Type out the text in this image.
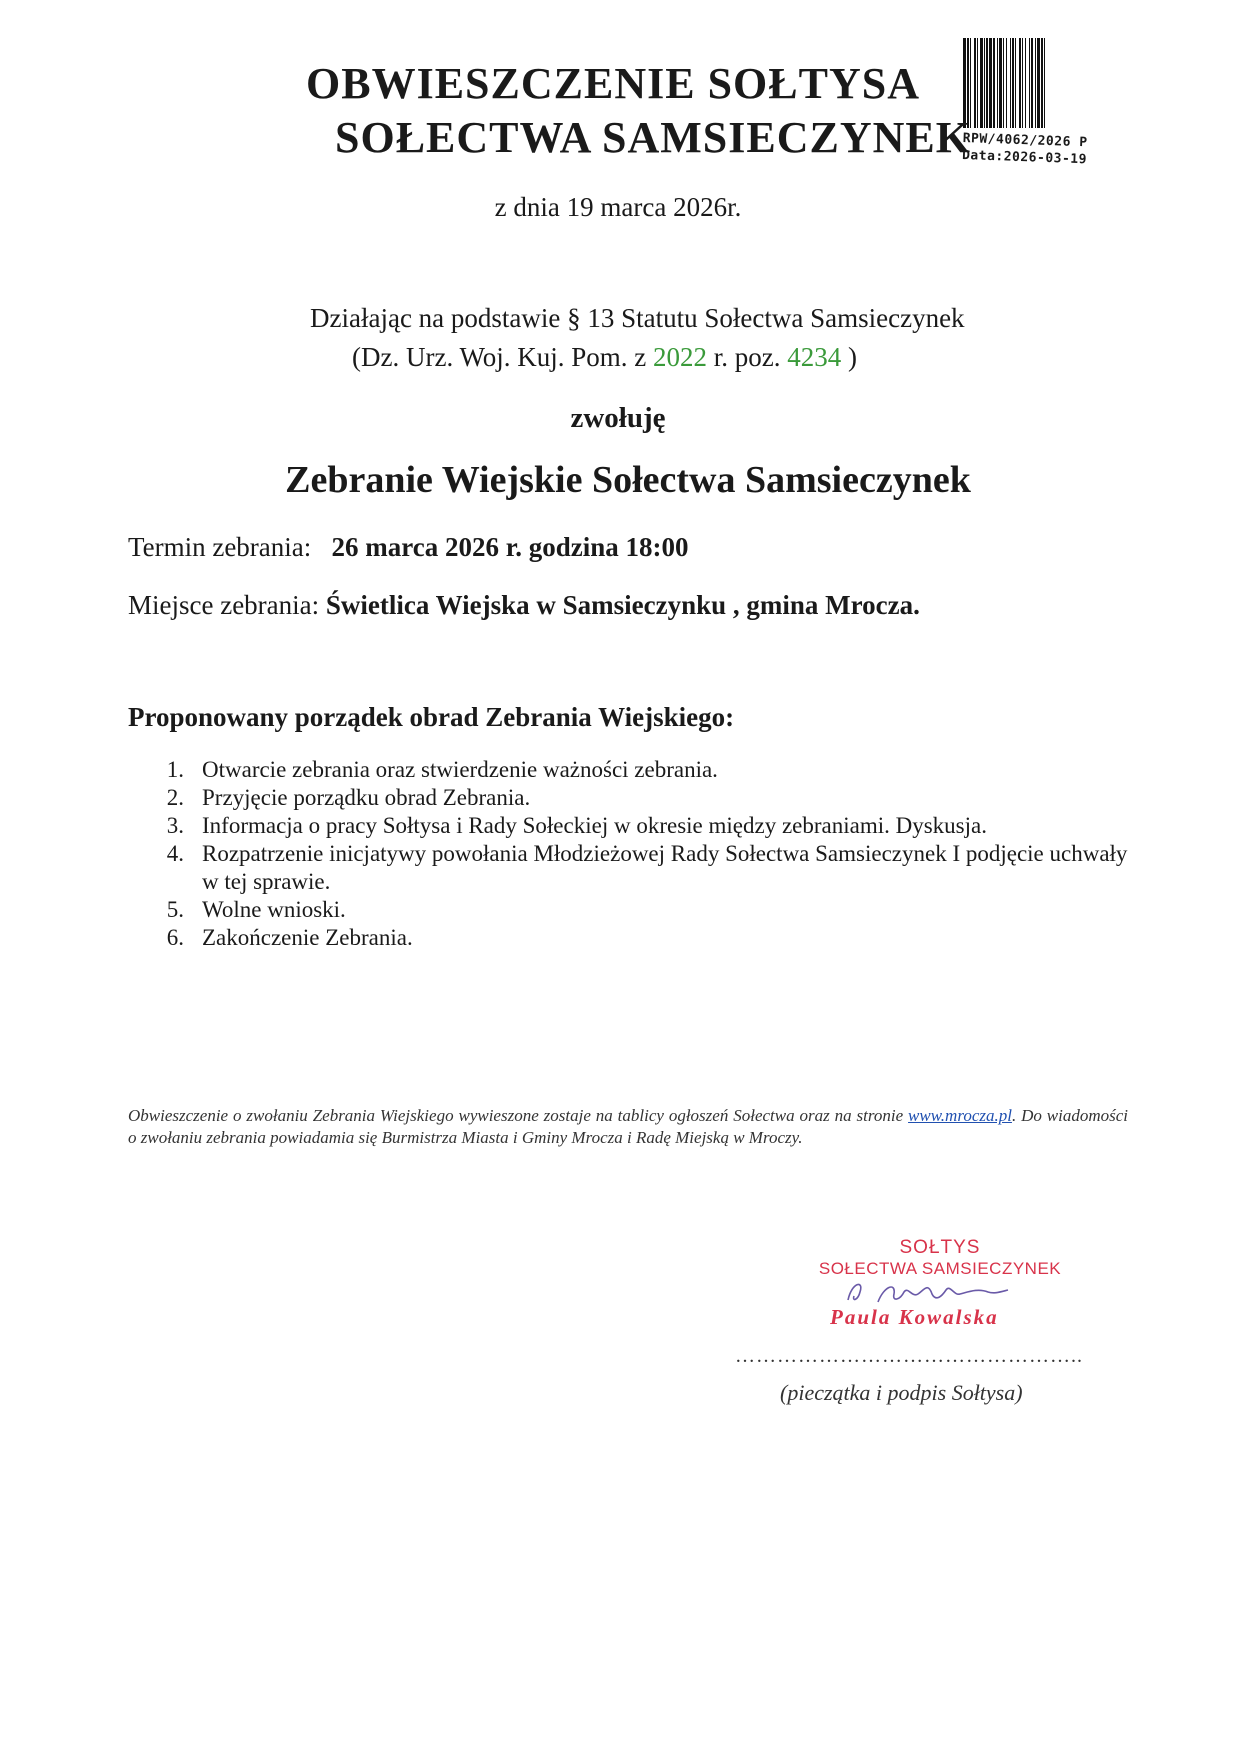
RPW/4062/2026 P
Data:2026-03-19
OBWIESZCZENIE SOŁTYSA
SOŁECTWA SAMSIECZYNEK
z dnia 19 marca 2026r.
Działając na podstawie § 13 Statutu Sołectwa Samsieczynek
(Dz. Urz. Woj. Kuj. Pom. z 2022 r. poz. 4234 )
zwołuję
Zebranie Wiejskie Sołectwa Samsieczynek
Termin zebrania: 26 marca 2026 r. godzina 18:00
Miejsce zebrania: Świetlica Wiejska w Samsieczynku , gmina Mrocza.
Proponowany porządek obrad Zebrania Wiejskiego:
1. Otwarcie zebrania oraz stwierdzenie ważności zebrania.
2. Przyjęcie porządku obrad Zebrania.
3. Informacja o pracy Sołtysa i Rady Sołeckiej w okresie między zebraniami. Dyskusja.
4. Rozpatrzenie inicjatywy powołania Młodzieżowej Rady Sołectwa Samsieczynek I podjęcie uchwały w tej sprawie.
5. Wolne wnioski.
6. Zakończenie Zebrania.
Obwieszczenie o zwołaniu Zebrania Wiejskiego wywieszone zostaje na tablicy ogłoszeń Sołectwa oraz na stronie www.mrocza.pl. Do wiadomości o zwołaniu zebrania powiadamia się Burmistrza Miasta i Gminy Mrocza i Radę Miejską w Mroczy.
SOŁTYS
SOŁECTWA SAMSIECZYNEK
Paula Kowalska
…………………………………………..
(pieczątka i podpis Sołtysa)
